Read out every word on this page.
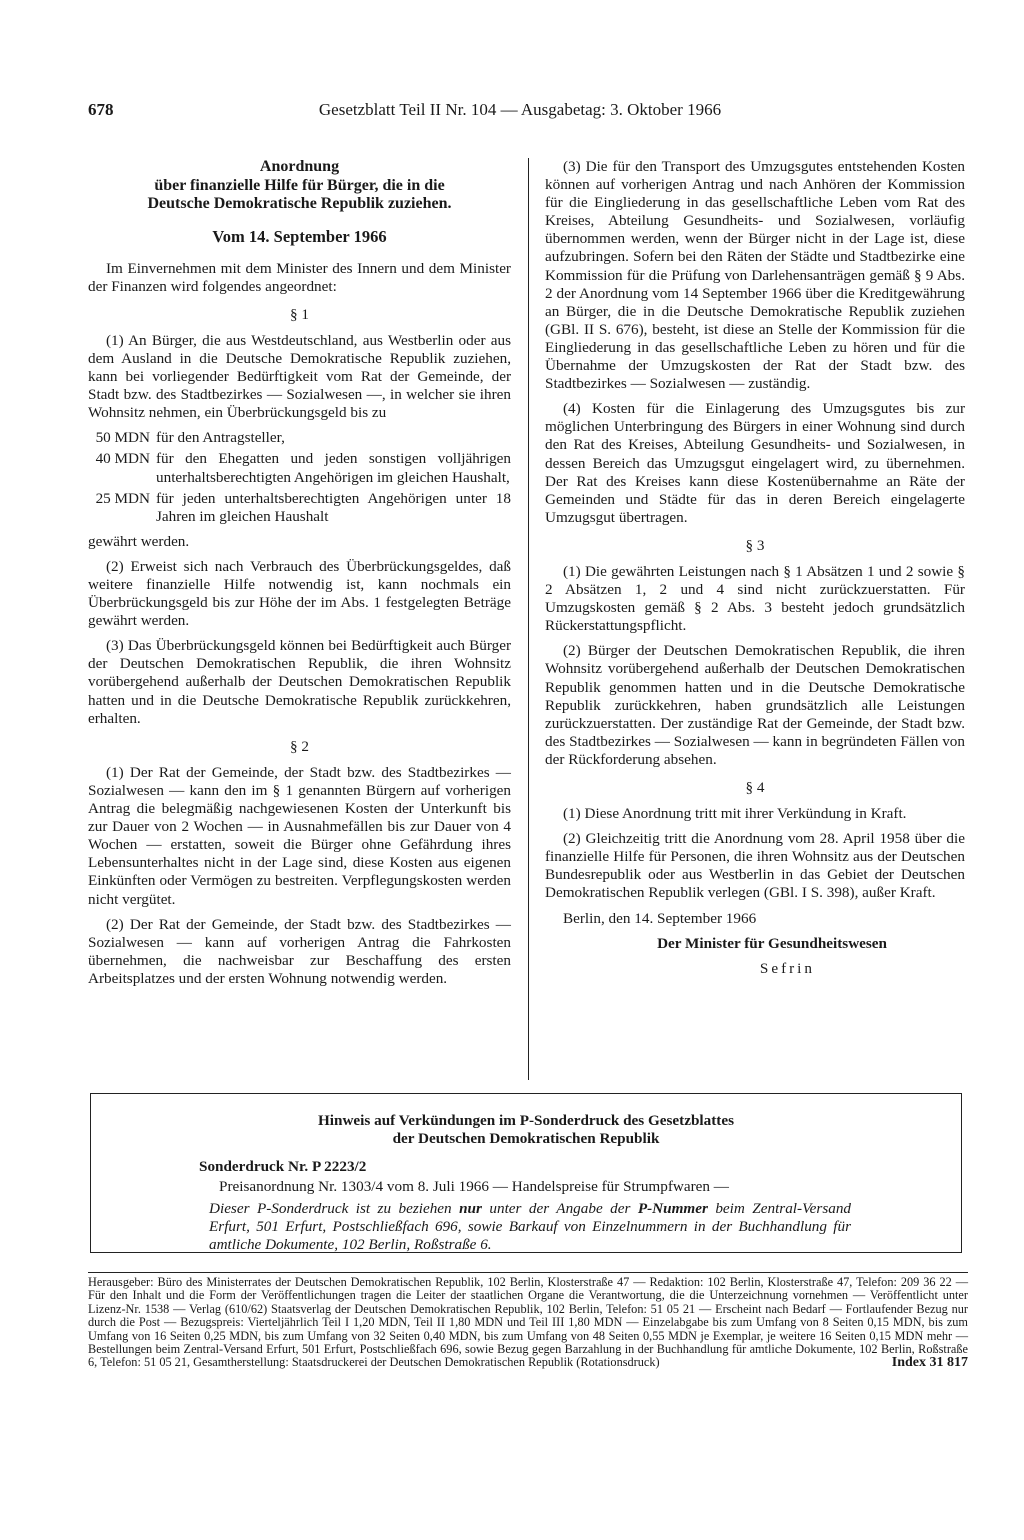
678	Gesetzblatt Teil II Nr. 104 — Ausgabetag: 3. Oktober 1966
Anordnung
über finanzielle Hilfe für Bürger, die in die
Deutsche Demokratische Republik zuziehen.
Vom 14. September 1966

Im Einvernehmen mit dem Minister des Innern und dem Minister der Finanzen wird folgendes angeordnet:

§ 1

(1) An Bürger, die aus Westdeutschland, aus Westberlin oder aus dem Ausland in die Deutsche Demokratische Republik zuziehen, kann bei vorliegender Bedürftigkeit vom Rat der Gemeinde, der Stadt bzw. des Stadtbezirkes — Sozialwesen —, in welcher sie ihren Wohnsitz nehmen, ein Überbrückungsgeld bis zu

50 MDN für den Antragsteller,
40 MDN für den Ehegatten und jeden sonstigen volljährigen unterhaltsberechtigten Angehörigen im gleichen Haushalt,
25 MDN für jeden unterhaltsberechtigten Angehörigen unter 18 Jahren im gleichen Haushalt

gewährt werden.

(2) Erweist sich nach Verbrauch des Überbrückungsgeldes, daß weitere finanzielle Hilfe notwendig ist, kann nochmals ein Überbrückungsgeld bis zur Höhe der im Abs. 1 festgelegten Beträge gewährt werden.

(3) Das Überbrückungsgeld können bei Bedürftigkeit auch Bürger der Deutschen Demokratischen Republik, die ihren Wohnsitz vorübergehend außerhalb der Deutschen Demokratischen Republik hatten und in die Deutsche Demokratische Republik zurückkehren, erhalten.

§ 2

(1) Der Rat der Gemeinde, der Stadt bzw. des Stadtbezirkes — Sozialwesen — kann den im § 1 genannten Bürgern auf vorherigen Antrag die belegmäßig nachgewiesenen Kosten der Unterkunft bis zur Dauer von 2 Wochen — in Ausnahmefällen bis zur Dauer von 4 Wochen — erstatten, soweit die Bürger ohne Gefährdung ihres Lebensunterhaltes nicht in der Lage sind, diese Kosten aus eigenen Einkünften oder Vermögen zu bestreiten. Verpflegungskosten werden nicht vergütet.

(2) Der Rat der Gemeinde, der Stadt bzw. des Stadtbezirkes — Sozialwesen — kann auf vorherigen Antrag die Fahrkosten übernehmen, die nachweisbar zur Beschaffung des ersten Arbeitsplatzes und der ersten Wohnung notwendig werden.

(3) Die für den Transport des Umzugsgutes entstehenden Kosten können auf vorherigen Antrag und nach Anhören der Kommission für die Eingliederung in das gesellschaftliche Leben vom Rat des Kreises, Abteilung Gesundheits- und Sozialwesen, vorläufig übernommen werden, wenn der Bürger nicht in der Lage ist, diese aufzubringen. Sofern bei den Räten der Städte und Stadtbezirke eine Kommission für die Prüfung von Darlehensanträgen gemäß § 9 Abs. 2 der Anordnung vom 14 September 1966 über die Kreditgewährung an Bürger, die in die Deutsche Demokratische Republik zuziehen (GBl. II S. 676), besteht, ist diese an Stelle der Kommission für die Eingliederung in das gesellschaftliche Leben zu hören und für die Übernahme der Umzugskosten der Rat der Stadt bzw. des Stadtbezirkes — Sozialwesen — zuständig.

(4) Kosten für die Einlagerung des Umzugsgutes bis zur möglichen Unterbringung des Bürgers in einer Wohnung sind durch den Rat des Kreises, Abteilung Gesundheits- und Sozialwesen, in dessen Bereich das Umzugsgut eingelagert wird, zu übernehmen. Der Rat des Kreises kann diese Kostenübernahme an Räte der Gemeinden und Städte für das in deren Bereich eingelagerte Umzugsgut übertragen.

§ 3

(1) Die gewährten Leistungen nach § 1 Absätzen 1 und 2 sowie § 2 Absätzen 1, 2 und 4 sind nicht zurückzuerstatten. Für Umzugskosten gemäß § 2 Abs. 3 besteht jedoch grundsätzlich Rückerstattungspflicht.

(2) Bürger der Deutschen Demokratischen Republik, die ihren Wohnsitz vorübergehend außerhalb der Deutschen Demokratischen Republik genommen hatten und in die Deutsche Demokratische Republik zurückkehren, haben grundsätzlich alle Leistungen zurückzuerstatten. Der zuständige Rat der Gemeinde, der Stadt bzw. des Stadtbezirkes — Sozialwesen — kann in begründeten Fällen von der Rückforderung absehen.

§ 4

(1) Diese Anordnung tritt mit ihrer Verkündung in Kraft.

(2) Gleichzeitig tritt die Anordnung vom 28. April 1958 über die finanzielle Hilfe für Personen, die ihren Wohnsitz aus der Deutschen Bundesrepublik oder aus Westberlin in das Gebiet der Deutschen Demokratischen Republik verlegen (GBl. I S. 398), außer Kraft.

Berlin, den 14. September 1966

Der Minister für Gesundheitswesen

Sefrin

Hinweis auf Verkündungen im P-Sonderdruck des Gesetzblattes
der Deutschen Demokratischen Republik
Sonderdruck Nr. P 2223/2
Preisanordnung Nr. 1303/4 vom 8. Juli 1966 — Handelspreise für Strumpfwaren —
Dieser P-Sonderdruck ist zu beziehen nur unter der Angabe der P-Nummer beim Zentral-Versand Erfurt, 501 Erfurt, Postschließfach 696, sowie Barkauf von Einzelnummern in der Buchhandlung für amtliche Dokumente, 102 Berlin, Roßstraße 6.
Herausgeber: Büro des Ministerrates der Deutschen Demokratischen Republik, 102 Berlin, Klosterstraße 47 — Redaktion: 102 Berlin, Klosterstraße 47, Telefon: 209 36 22 — Für den Inhalt und die Form der Veröffentlichungen tragen die Leiter der staatlichen Organe die Verantwortung, die die Unterzeichnung vornehmen — Veröffentlicht unter Lizenz-Nr. 1538 — Verlag (610/62) Staatsverlag der Deutschen Demokratischen Republik, 102 Berlin, Telefon: 51 05 21 — Erscheint nach Bedarf — Fortlaufender Bezug nur durch die Post — Bezugspreis: Vierteljährlich Teil I 1,20 MDN, Teil II 1,80 MDN und Teil III 1,80 MDN — Einzelabgabe bis zum Umfang von 8 Seiten 0,15 MDN, bis zum Umfang von 16 Seiten 0,25 MDN, bis zum Umfang von 32 Seiten 0,40 MDN, bis zum Umfang von 48 Seiten 0,55 MDN je Exemplar, je weitere 16 Seiten 0,15 MDN mehr — Bestellungen beim Zentral-Versand Erfurt, 501 Erfurt, Postschließfach 696, sowie Bezug gegen Barzahlung in der Buchhandlung für amtliche Dokumente, 102 Berlin, Roßstraße 6, Telefon: 51 05 21, Gesamtherstellung: Staatsdruckerei der Deutschen Demokratischen Republik (Rotationsdruck)	Index 31 817
